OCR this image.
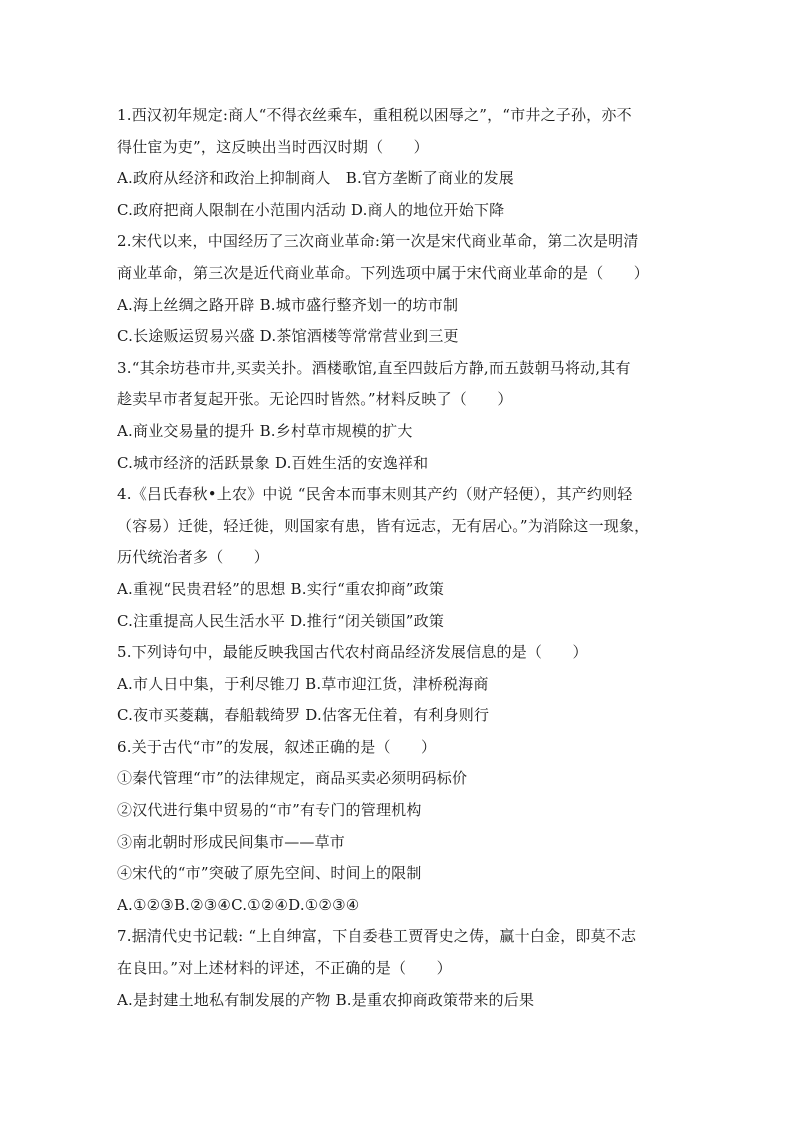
1.西汉初年规定:商人“不得衣丝乘车，重租税以困辱之”，“市井之子孙，亦不
得仕宦为吏”，这反映出当时西汉时期（　　）
A.政府从经济和政治上抑制商人　B.官方垄断了商业的发展
C.政府把商人限制在小范围内活动 D.商人的地位开始下降
2.宋代以来，中国经历了三次商业革命:第一次是宋代商业革命，第二次是明清
商业革命，第三次是近代商业革命。下列选项中属于宋代商业革命的是（　　）
A.海上丝绸之路开辟 B.城市盛行整齐划一的坊市制
C.长途贩运贸易兴盛 D.茶馆酒楼等常常营业到三更
3.“其余坊巷市井,买卖关扑。酒楼歌馆,直至四鼓后方静,而五鼓朝马将动,其有
趁卖早市者复起开张。无论四时皆然。”材料反映了（　　）
A.商业交易量的提升 B.乡村草市规模的扩大
C.城市经济的活跃景象 D.百姓生活的安逸祥和
4.《吕氏春秋•上农》中说 “民舍本而事末则其产约（财产轻便），其产约则轻
（容易）迁徙，轻迁徙，则国家有患，皆有远志，无有居心。”为消除这一现象，
历代统治者多（　　）
A.重视“民贵君轻”的思想 B.实行“重农抑商”政策
C.注重提高人民生活水平 D.推行“闭关锁国”政策
5.下列诗句中，最能反映我国古代农村商品经济发展信息的是（　　）
A.市人日中集，于利尽锥刀 B.草市迎江货，津桥税海商
C.夜市买菱藕，春船载绮罗 D.估客无住着，有利身则行
6.关于古代“市”的发展，叙述正确的是（　　）
①秦代管理“市”的法律规定，商品买卖必须明码标价
②汉代进行集中贸易的“市”有专门的管理机构
③南北朝时形成民间集市——草市
④宋代的“市”突破了原先空间、时间上的限制
A.①②③B.②③④C.①②④D.①②③④
7.据清代史书记载: “上自绅富，下自委巷工贾胥史之俦，赢十白金，即莫不志
在良田。”对上述材料的评述，不正确的是（　　）
A.是封建土地私有制发展的产物 B.是重农抑商政策带来的后果
